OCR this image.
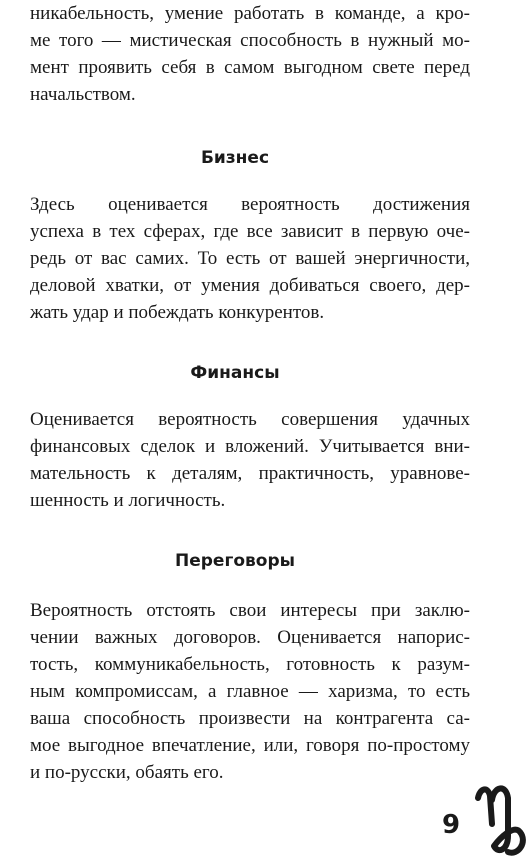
никабельность, умение работать в команде, а кро-
ме того — мистическая способность в нужный мо-
мент проявить себя в самом выгодном свете перед
начальством.
Бизнес
Здесь оценивается вероятность достижения
успеха в тех сферах, где все зависит в первую оче-
редь от вас самих. То есть от вашей энергичности,
деловой хватки, от умения добиваться своего, дер-
жать удар и побеждать конкурентов.
Финансы
Оценивается вероятность совершения удачных
финансовых сделок и вложений. Учитывается вни-
мательность к деталям, практичность, уравнове-
шенность и логичность.
Переговоры
Вероятность отстоять свои интересы при заклю-
чении важных договоров. Оценивается напорис-
тость, коммуникабельность, готовность к разум-
ным компромиссам, а главное — харизма, то есть
ваша способность произвести на контрагента са-
мое выгодное впечатление, или, говоря по-простому
и по-русски, обаять его.
9
